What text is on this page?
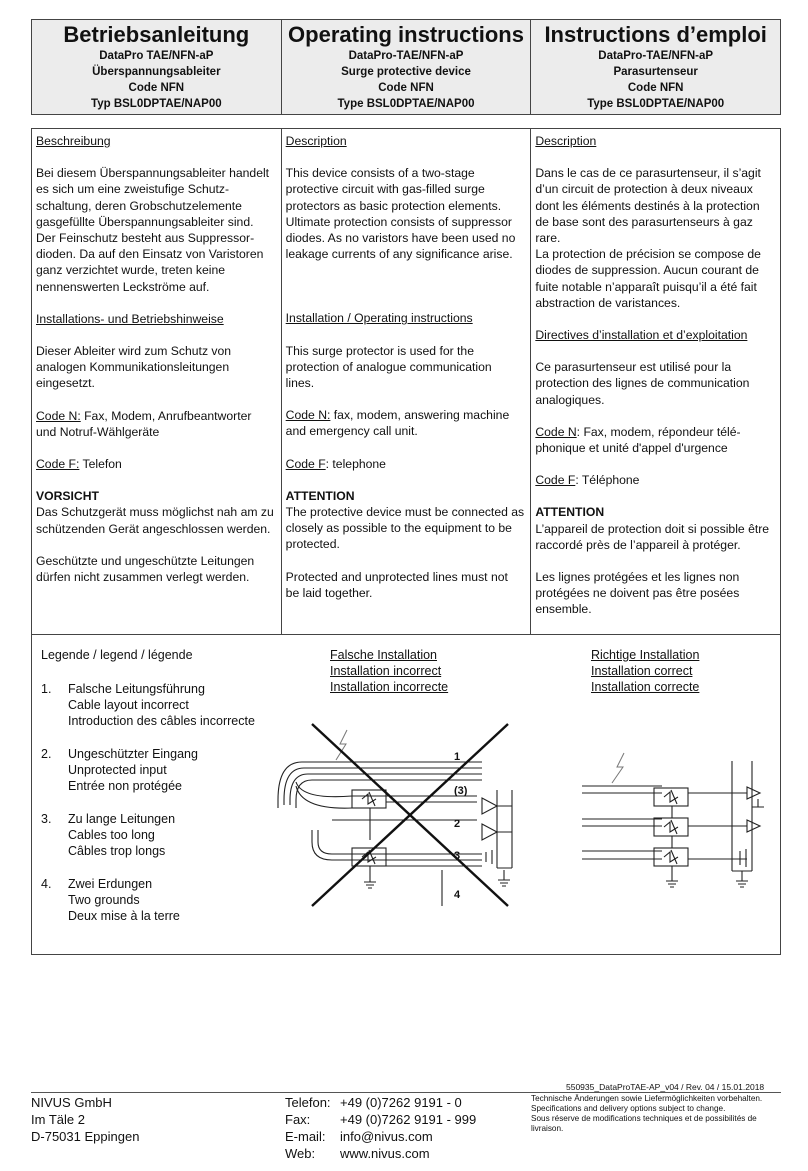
Betriebsanleitung
DataPro TAE/NFN-aP
Überspannungsableiter
Code NFN
Typ BSL0DPTAE/NAP00
Operating instructions
DataPro-TAE/NFN-aP
Surge protective device
Code NFN
Type BSL0DPTAE/NAP00
Instructions d’emploi
DataPro-TAE/NFN-aP
Parasurtenseur
Code NFN
Type BSL0DPTAE/NAP00
Beschreibung
Bei diesem Überspannungsableiter handelt
es sich um eine zweistufige Schutz-
schaltung, deren Grobschutzelemente
gasgefüllte Überspannungsableiter sind.
Der Feinschutz besteht aus Suppressor-
dioden. Da auf den Einsatz von Varistoren
ganz verzichtet wurde, treten keine
nennenswerten Leckströme auf.
Installations- und Betriebshinweise
Dieser Ableiter wird zum Schutz von
analogen Kommunikationsleitungen
eingesetzt.
Code N: Fax, Modem, Anrufbeantworter
und Notruf-Wählgeräte
Code F: Telefon
VORSICHT
Das Schutzgerät muss möglichst nah am zu
schützenden Gerät angeschlossen werden.
Geschützte und ungeschützte Leitungen
dürfen nicht zusammen verlegt werden.
Description
This device consists of a two-stage
protective circuit with gas-filled surge
protectors as basic protection elements.
Ultimate protection consists of suppressor
diodes. As no varistors have been used no
leakage currents of any significance arise.
Installation / Operating instructions
This surge protector is used for the
protection of analogue communication
lines.
Code N: fax, modem, answering machine
and emergency call unit.
Code F: telephone
ATTENTION
The protective device must be connected as
closely as possible to the equipment to be
protected.
Protected and unprotected lines must not
be laid together.
Description
Dans le cas de ce parasurtenseur, il s’agit
d’un circuit de protection à deux niveaux
dont les éléments destinés à la protection
de base sont des parasurtenseurs à gaz rare.
La protection de précision se compose de
diodes de suppression. Aucun courant de
fuite notable n’apparaît puisqu’il a été fait
abstraction de varistances.
Directives d’installation et d’exploitation
Ce parasurtenseur est utilisé pour la
protection des lignes de communication
analogiques.
Code N: Fax, modem, répondeur télé-
phonique et unité d'appel d'urgence
Code F: Téléphone
ATTENTION
L’appareil de protection doit si possible être
raccordé près de l’appareil à protéger.
Les lignes protégées et les lignes non
protégées ne doivent pas être posées
ensemble.
Legende / legend / légende
1.	Falsche Leitungsführung
Cable layout incorrect
Introduction des câbles incorrecte
2.	Ungeschützter Eingang
Unprotected input
Entrée non protégée
3.	Zu lange Leitungen
Cables too long
Câbles trop longs
4.	Zwei Erdungen
Two grounds
Deux mise à la terre
Falsche Installation
Installation incorrect
Installation incorrecte
Richtige Installation
Installation correct
Installation correcte
1
(3)
2
3
4
550935_DataProTAE-AP_v04 / Rev. 04 / 15.01.2018
NIVUS GmbH
Im Täle 2
D-75031 Eppingen
Telefon: +49 (0)7262 9191 - 0
Fax:	+49 (0)7262 9191 - 999
E-mail:	info@nivus.com
Web:	www.nivus.com
Technische Änderungen sowie Liefermöglichkeiten vorbehalten.
Specifications and delivery options subject to change.
Sous réserve de modifications techniques et de possibilités de livraison.
